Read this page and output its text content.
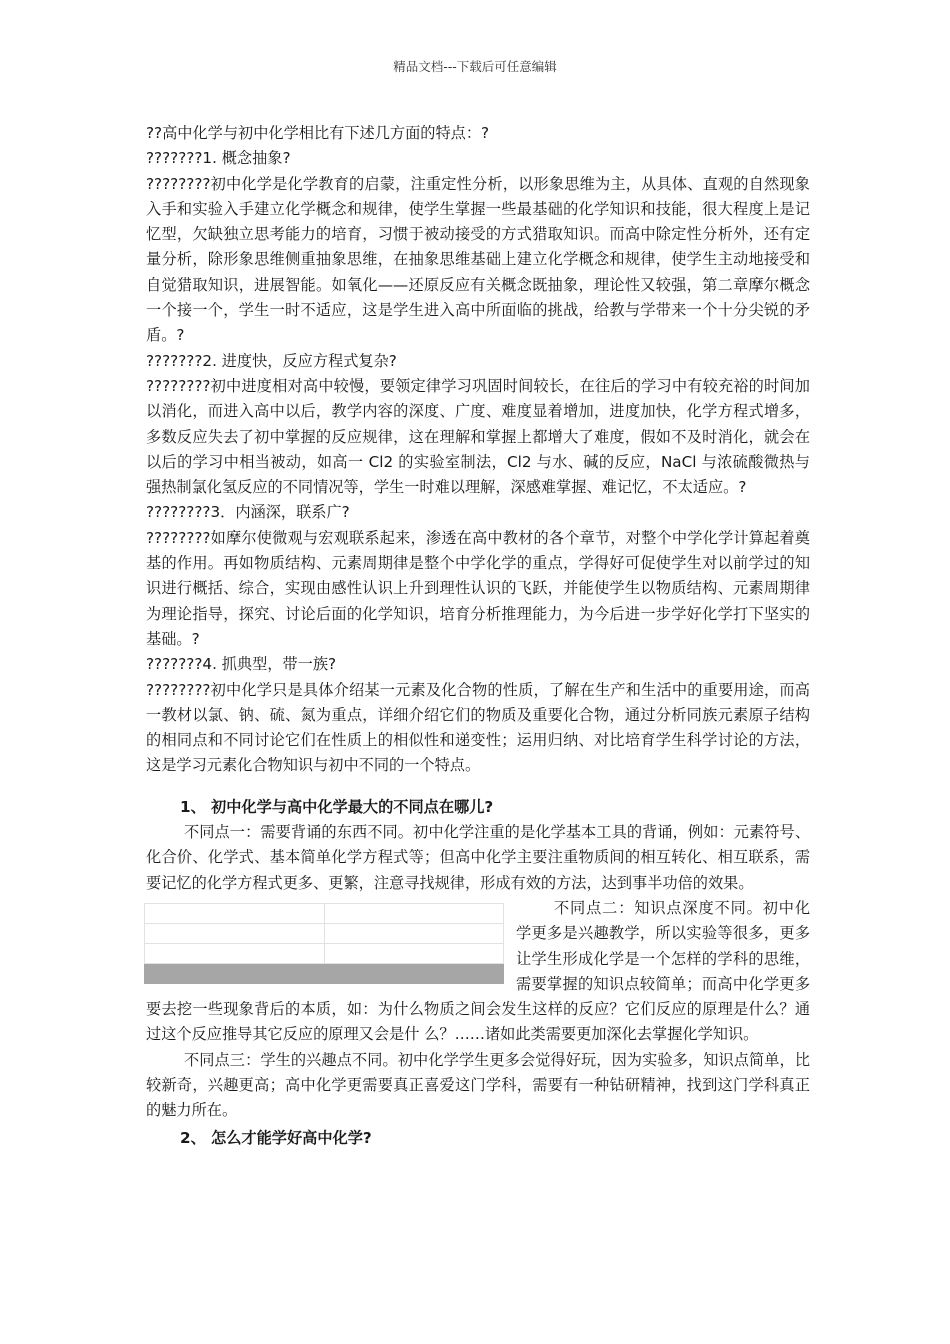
精品文档---下载后可任意编辑

??高中化学与初中化学相比有下述几方面的特点：?

???????1. 概念抽象?

????????初中化学是化学教育的启蒙，注重定性分析，以形象思维为主，从具体、直观的自然现象入手和实验入手建立化学概念和规律，使学生掌握一些最基础的化学知识和技能，很大程度上是记忆型，欠缺独立思考能力的培育，习惯于被动接受的方式猎取知识。而高中除定性分析外，还有定量分析，除形象思维侧重抽象思维，在抽象思维基础上建立化学概念和规律，使学生主动地接受和自觉猎取知识，进展智能。如氧化——还原反应有关概念既抽象，理论性又较强，第二章摩尔概念一个接一个，学生一时不适应，这是学生进入高中所面临的挑战，给教与学带来一个十分尖锐的矛盾。?

???????2. 进度快，反应方程式复杂?

????????初中进度相对高中较慢，要领定律学习巩固时间较长，在往后的学习中有较充裕的时间加以消化，而进入高中以后，教学内容的深度、广度、难度显着增加，进度加快，化学方程式增多，多数反应失去了初中掌握的反应规律，这在理解和掌握上都增大了难度，假如不及时消化，就会在以后的学习中相当被动，如高一 Cl2 的实验室制法，Cl2 与水、碱的反应，NaCl 与浓硫酸微热与强热制氯化氢反应的不同情况等，学生一时难以理解，深感难掌握、难记忆，不太适应。?

????????3．内涵深，联系广?

????????如摩尔使微观与宏观联系起来，渗透在高中教材的各个章节，对整个中学化学计算起着奠基的作用。再如物质结构、元素周期律是整个中学化学的重点，学得好可促使学生对以前学过的知识进行概括、综合，实现由感性认识上升到理性认识的飞跃，并能使学生以物质结构、元素周期律为理论指导，探究、讨论后面的化学知识，培育分析推理能力，为今后进一步学好化学打下坚实的基础。?

???????4. 抓典型，带一族?

????????初中化学只是具体介绍某一元素及化合物的性质，了解在生产和生活中的重要用途，而高一教材以氯、钠、硫、氮为重点，详细介绍它们的物质及重要化合物，通过分析同族元素原子结构的相同点和不同讨论它们在性质上的相似性和递变性；运用归纳、对比培育学生科学讨论的方法，这是学习元素化合物知识与初中不同的一个特点。

1、 初中化学与高中化学最大的不同点在哪儿?

不同点一：需要背诵的东西不同。初中化学注重的是化学基本工具的背诵，例如：元素符号、化合价、化学式、基本简单化学方程式等；但高中化学主要注重物质间的相互转化、相互联系，需要记忆的化学方程式更多、更繁，注意寻找规律，形成有效的方法，达到事半功倍的效果。

不同点二：知识点深度不同。初中化学更多是兴趣教学，所以实验等很多，更多让学生形成化学是一个怎样的学科的思维，需要掌握的知识点较简单；而高中化学更多要去挖一些现象背后的本质，如：为什么物质之间会发生这样的反应？它们反应的原理是什么？通过这个反应推导其它反应的原理又会是什 么？……诸如此类需要更加深化去掌握化学知识。

不同点三：学生的兴趣点不同。初中化学学生更多会觉得好玩，因为实验多，知识点简单，比较新奇，兴趣更高；高中化学更需要真正喜爱这门学科，需要有一种钻研精神，找到这门学科真正的魅力所在。

2、 怎么才能学好高中化学?
